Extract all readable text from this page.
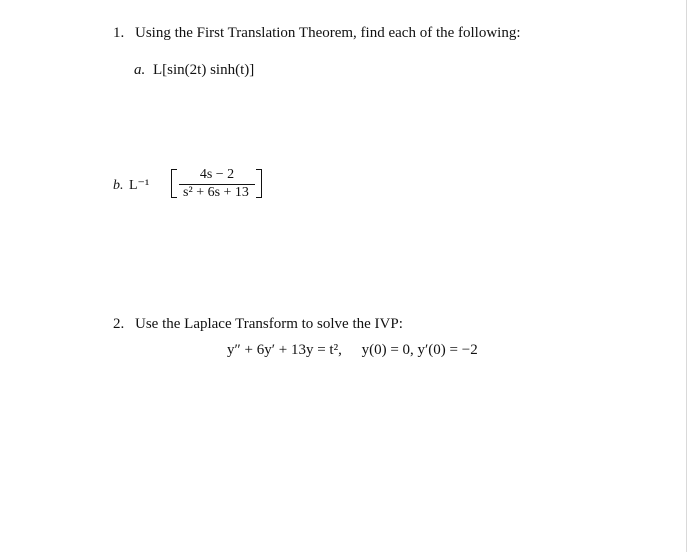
1. Using the First Translation Theorem, find each of the following:
a. L[sin(2t) sinh(t)]
b. L⁻¹
4s − 2
s² + 6s + 13
2. Use the Laplace Transform to solve the IVP:
y″ + 6y′ + 13y = t², y(0) = 0, y′(0) = −2
